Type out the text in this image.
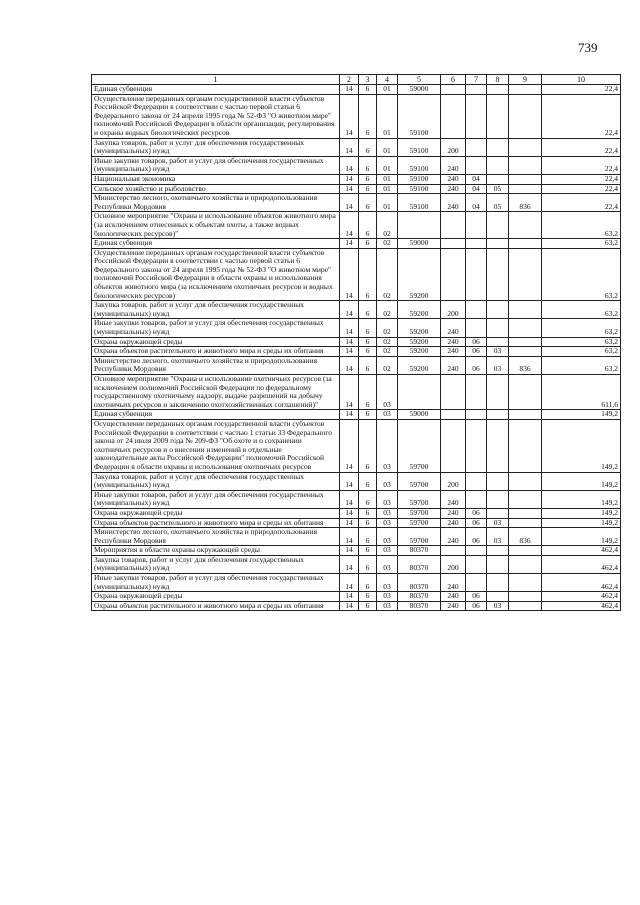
739
1	2	3	4	5	6	7	8	9	10
Единая субвенция	14	6	01	59000					22,4
Осуществление переданных органам государственной власти субъектов Российской Федерации в соответствии с частью первой статьи 6 Федерального закона от 24 апреля 1995 года № 52-ФЗ "О животном мире" полномочий Российской Федерации в области организации, регулирования и охраны водных биологических ресурсов	14	6	01	59100					22,4
Закупка товаров, работ и услуг для обеспечения государственных (муниципальных) нужд	14	6	01	59100	200				22,4
Иные закупки товаров, работ и услуг для обеспечения государственных (муниципальных) нужд	14	6	01	59100	240				22,4
Национальная экономика	14	6	01	59100	240	04			22,4
Сельское хозяйство и рыболовство	14	6	01	59100	240	04	05		22,4
Министерство лесного, охотничьего хозяйства и природопользования Республики Мордовия	14	6	01	59100	240	04	05	836	22,4
Основное мероприятие "Охрана и использование объектов животного мира (за исключением отнесенных к объектам охоты, а также водных биологических ресурсов)"	14	6	02						63,2
Единая субвенция	14	6	02	59000					63,2
Осуществление переданных органам государственной власти субъектов Российской Федерации в соответствии с частью первой статьи 6 Федерального закона от 24 апреля 1995 года № 52-ФЗ "О животном мире" полномочий Российской Федерации в области охраны и использования объектов животного мира (за исключением охотничьих ресурсов и водных биологических ресурсов)	14	6	02	59200					63,2
Закупка товаров, работ и услуг для обеспечения государственных (муниципальных) нужд	14	6	02	59200	200				63,2
Иные закупки товаров, работ и услуг для обеспечения государственных (муниципальных) нужд	14	6	02	59200	240				63,2
Охрана окружающей среды	14	6	02	59200	240	06			63,2
Охрана объектов растительного и животного мира и среды их обитания	14	6	02	59200	240	06	03		63,2
Министерство лесного, охотничьего хозяйства и природопользования Республики Мордовия	14	6	02	59200	240	06	03	836	63,2
Основное мероприятие "Охрана и использование охотничьих ресурсов (за исключением полномочий Российской Федерации по федеральному государственному охотничьему надзору, выдаче разрешений на добычу охотничьих ресурсов и заключению охотхозяйственных соглашений)"	14	6	03						611,6
Единая субвенция	14	6	03	59000					149,2
Осуществление переданных органам государственной власти субъектов Российской Федерации в соответствии с частью 1 статьи 33 Федерального закона от 24 июля 2009 года № 209-ФЗ "Об охоте и о сохранении охотничьих ресурсов и о внесении изменений в отдельные законодательные акты Российской Федерации" полномочий Российской Федерации в области охраны и использования охотничьих ресурсов	14	6	03	59700					149,2
Закупка товаров, работ и услуг для обеспечения государственных (муниципальных) нужд	14	6	03	59700	200				149,2
Иные закупки товаров, работ и услуг для обеспечения государственных (муниципальных) нужд	14	6	03	59700	240				149,2
Охрана окружающей среды	14	6	03	59700	240	06			149,2
Охрана объектов растительного и животного мира и среды их обитания	14	6	03	59700	240	06	03		149,2
Министерство лесного, охотничьего хозяйства и природопользования Республики Мордовия	14	6	03	59700	240	06	03	836	149,2
Мероприятия в области охраны окружающей среды	14	6	03	80370					462,4
Закупка товаров, работ и услуг для обеспечения государственных (муниципальных) нужд	14	6	03	80370	200				462,4
Иные закупки товаров, работ и услуг для обеспечения государственных (муниципальных) нужд	14	6	03	80370	240				462,4
Охрана окружающей среды	14	6	03	80370	240	06			462,4
Охрана объектов растительного и животного мира и среды их обитания	14	6	03	80370	240	06	03		462,4
